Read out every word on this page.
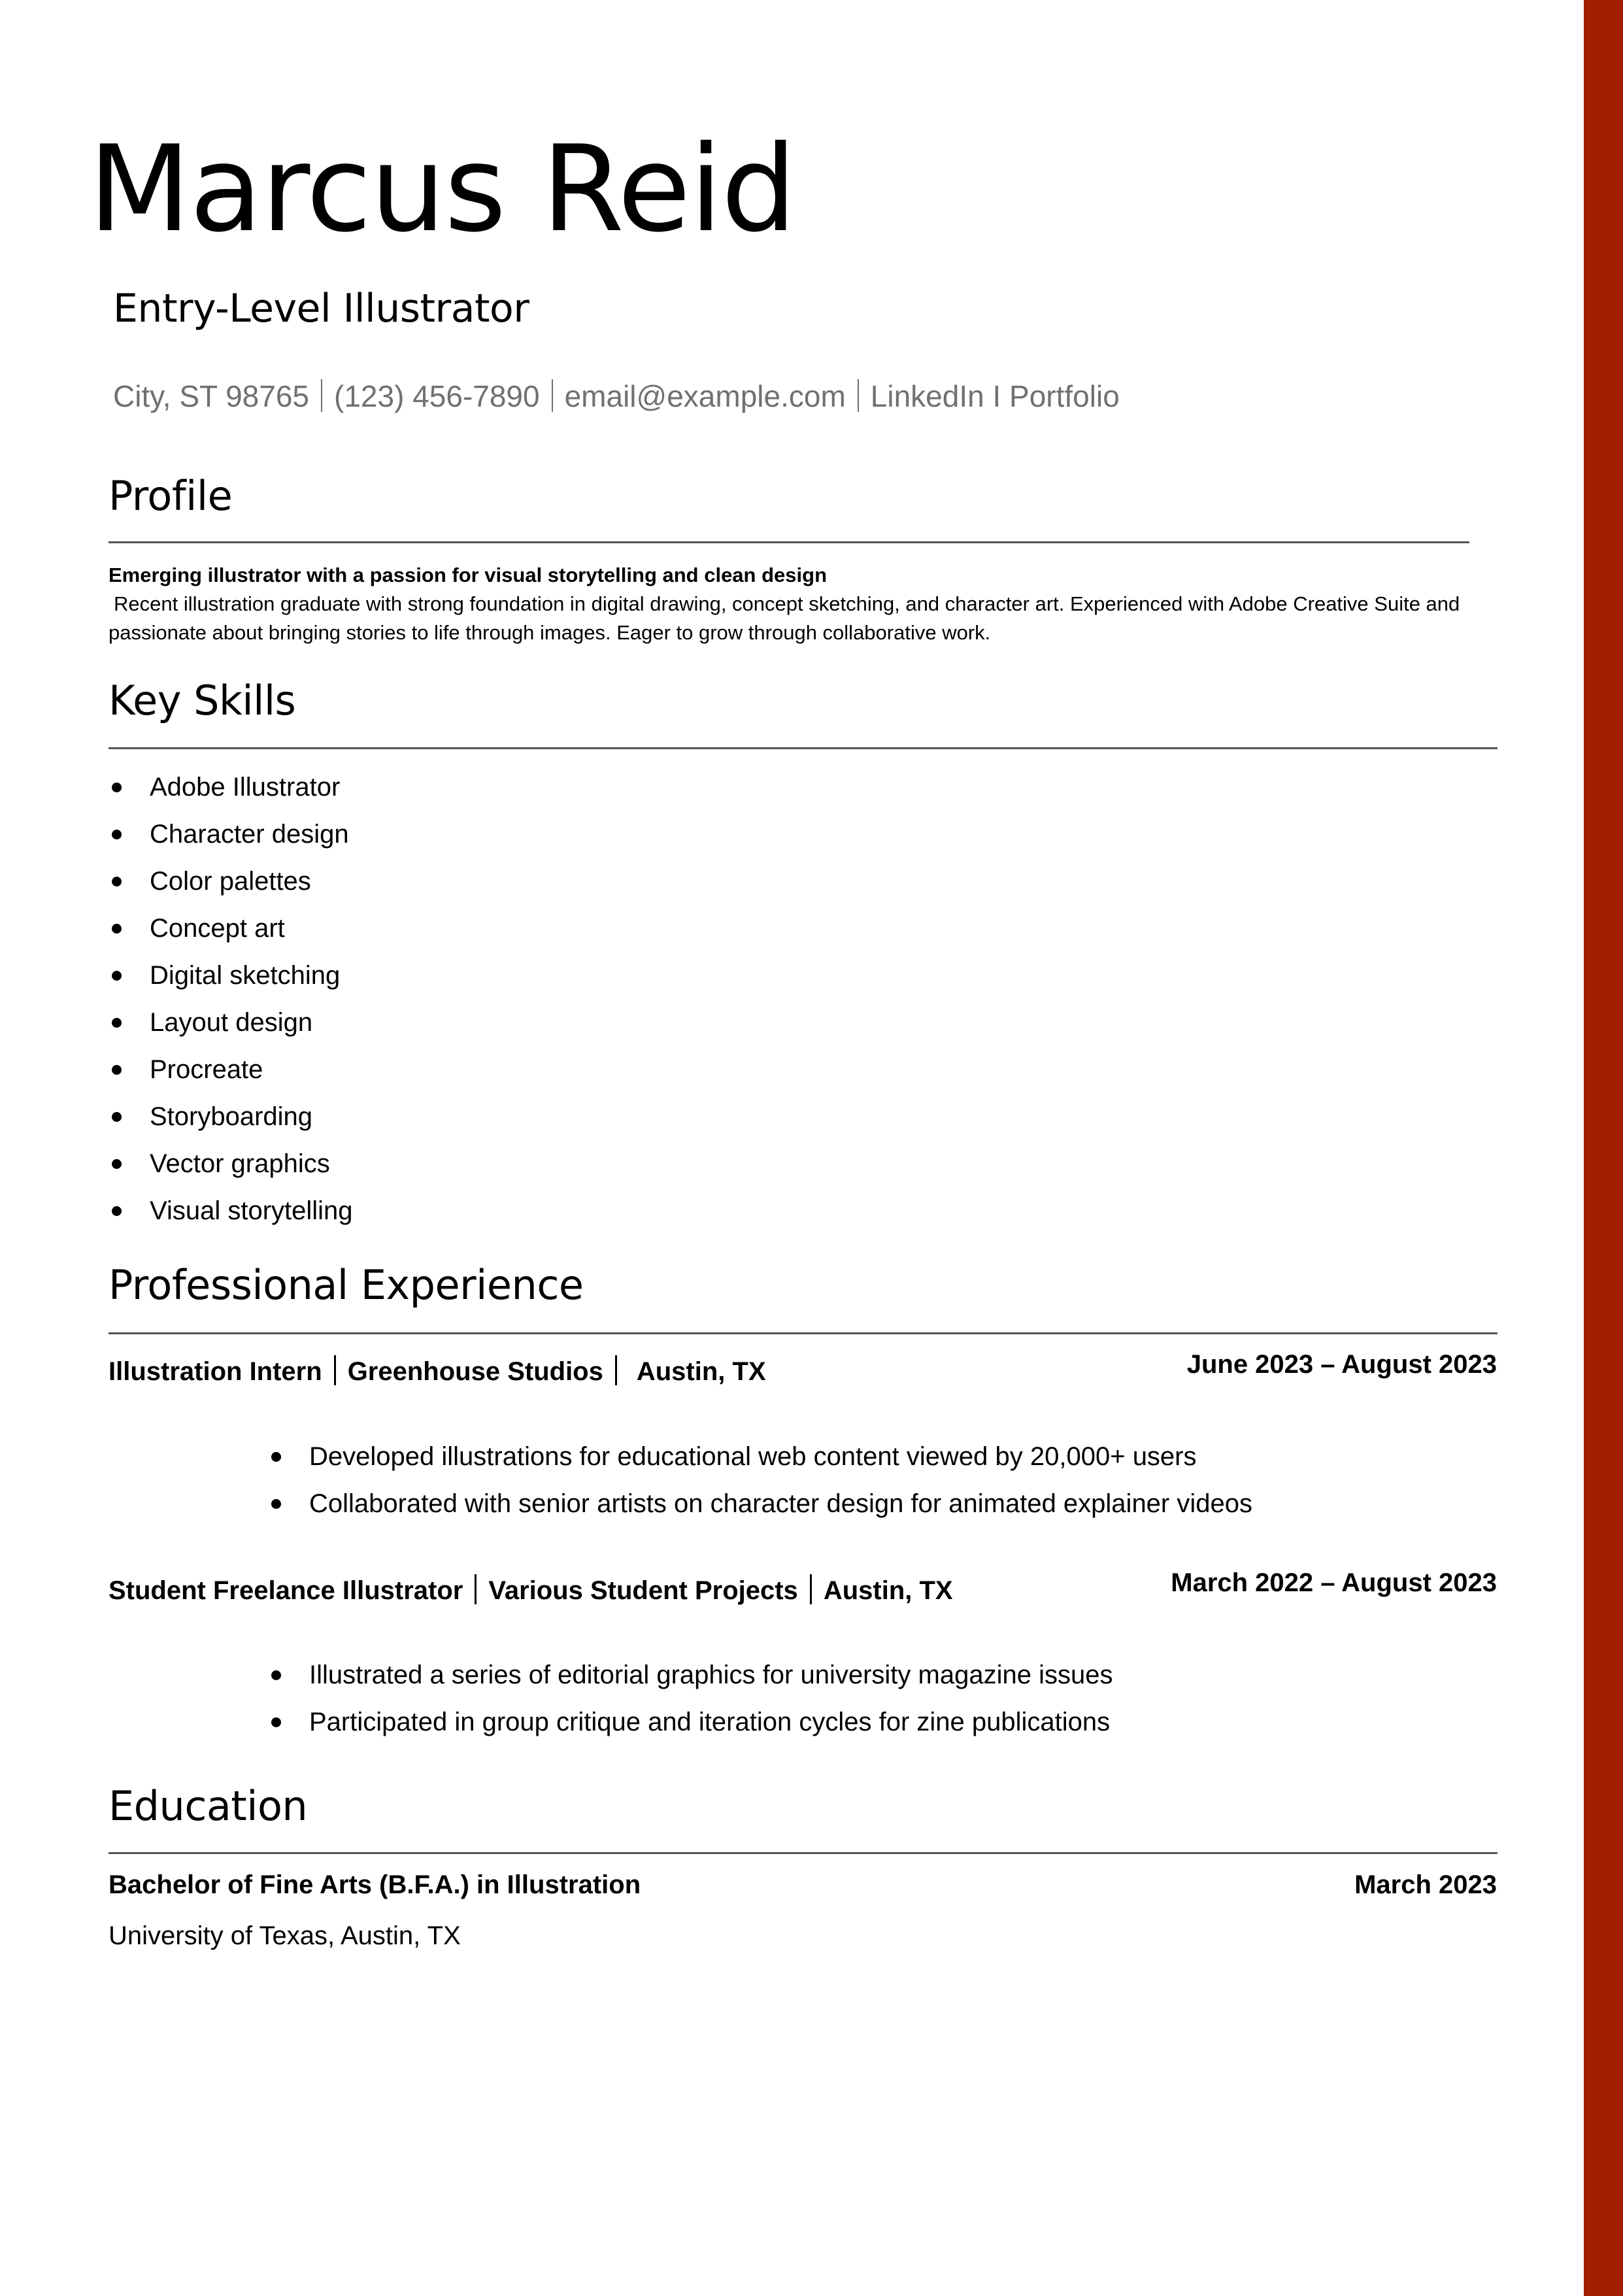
Marcus Reid
Entry-Level Illustrator
City, ST 98765 (123) 456-7890 email@example.com LinkedIn I Portfolio
Profile
Emerging illustrator with a passion for visual storytelling and clean design
Recent illustration graduate with strong foundation in digital drawing, concept sketching, and character art. Experienced with Adobe Creative Suite and passionate about bringing stories to life through images. Eager to grow through collaborative work.
Key Skills
Adobe Illustrator
Character design
Color palettes
Concept art
Digital sketching
Layout design
Procreate
Storyboarding
Vector graphics
Visual storytelling
Professional Experience
Illustration Intern Greenhouse Studios Austin, TX	June 2023 – August 2023
Developed illustrations for educational web content viewed by 20,000+ users
Collaborated with senior artists on character design for animated explainer videos
Student Freelance Illustrator Various Student Projects Austin, TX	March 2022 – August 2023
Illustrated a series of editorial graphics for university magazine issues
Participated in group critique and iteration cycles for zine publications
Education
Bachelor of Fine Arts (B.F.A.) in Illustration	March 2023
University of Texas, Austin, TX
